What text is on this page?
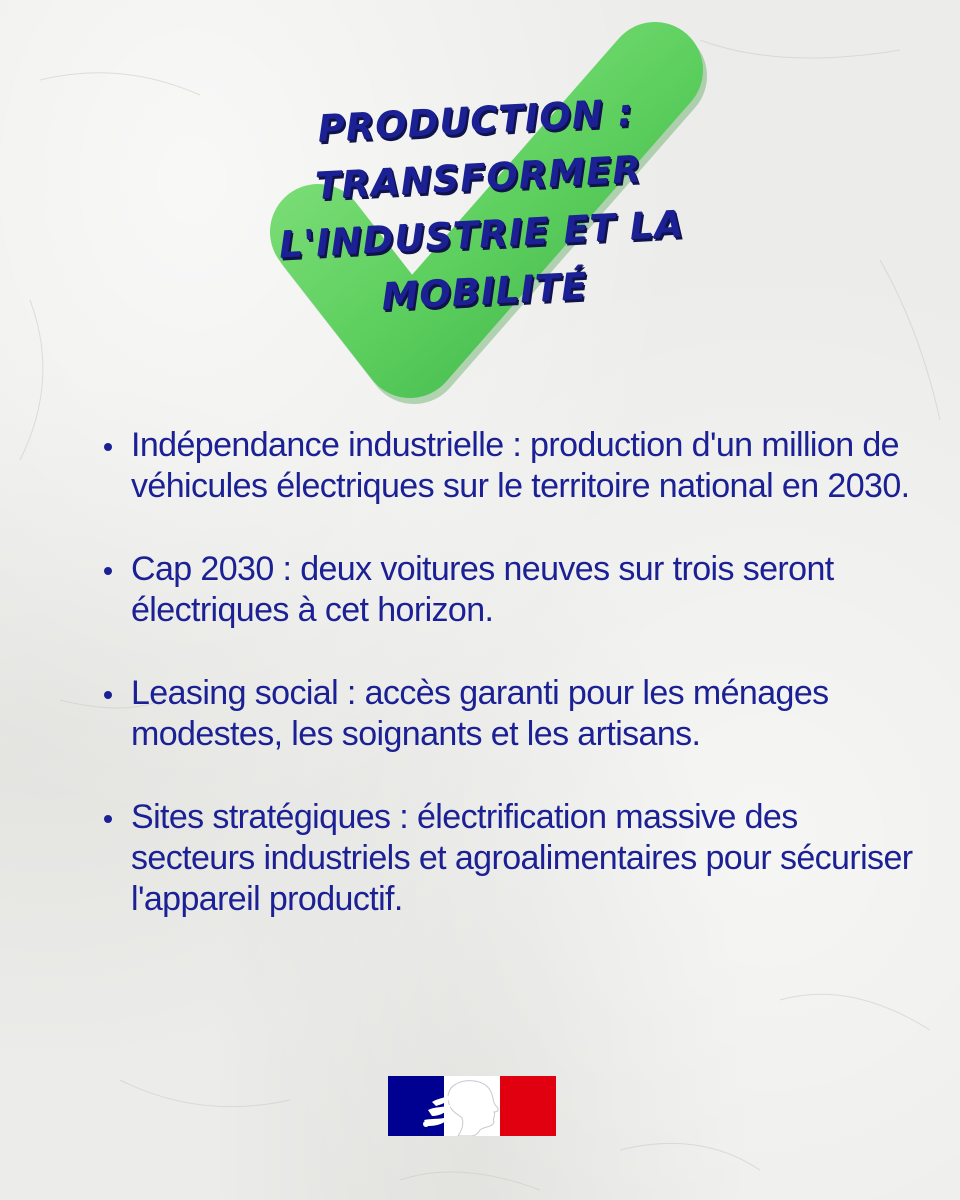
PRODUCTION :
TRANSFORMER
L'INDUSTRIE ET LA
MOBILITÉ
Indépendance industrielle : production d'un million de véhicules électriques sur le territoire national en 2030.
Cap 2030 : deux voitures neuves sur trois seront électriques à cet horizon.
Leasing social : accès garanti pour les ménages modestes, les soignants et les artisans.
Sites stratégiques : électrification massive des secteurs industriels et agroalimentaires pour sécuriser l'appareil productif.
